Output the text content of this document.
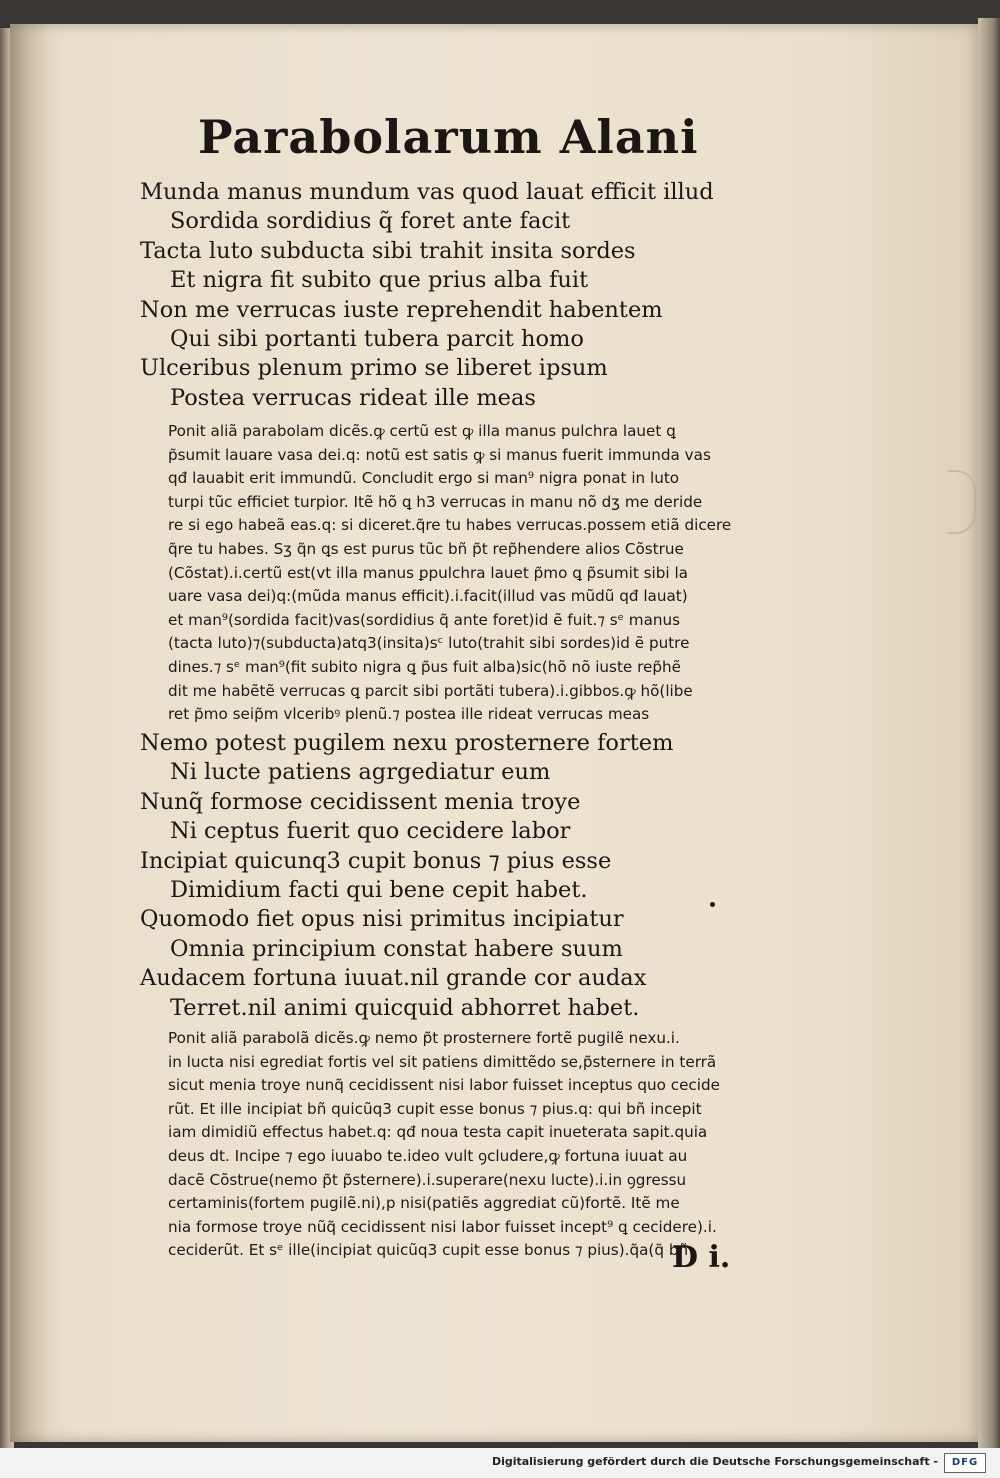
Parabolarum Alani
Munda manus mundum vas quod lauat efficit illud
Sordida sordidius q̃ foret ante facit
Tacta luto subducta sibi trahit insita sordes
Et nigra fit subito que prius alba fuit
Non me verrucas iuste reprehendit habentem
Qui sibi portanti tubera parcit homo
Ulceribus plenum primo se liberet ipsum
Postea verrucas rideat ille meas
Ponit aliã parabolam dicẽs.ꝙ certũ est ꝙ illa manus pulchra lauet ꝗ
p̃sumit lauare vasa dei.q: notũ est satis ꝙ si manus fuerit immunda vas
qđ lauabit erit immundũ. Concludit ergo si man⁹ nigra ponat in luto
turpi tũc efficiet turpior. Itẽ hõ ꝗ h3 verrucas in manu nõ dʒ me deride
re si ego habeã eas.q: si diceret.q̃re tu habes verrucas.possem etiã dicere
q̃re tu habes. Sʒ q̃n ꝗs est purus tũc bñ p̃t rep̃hendere alios Cõstrue
(Cõstat).i.certũ est(vt illa manus ꝑpulchra lauet p̃mo ꝗ p̃sumit sibi la
uare vasa dei)q:(mũda manus efficit).i.facit(illud vas mũdũ qđ lauat)
et man⁹(sordida facit)vas(sordidius q̃ ante foret)id ẽ fuit.⁊ sᵉ manus
(tacta luto)⁊(subducta)atq3(insita)sᶜ luto(trahit sibi sordes)id ẽ putre
dines.⁊ sᵉ man⁹(fit subito nigra ꝗ p̃us fuit alba)sic(hõ nõ iuste rep̃hẽ
dit me habẽtẽ verrucas ꝗ parcit sibi portãti tubera).i.gibbos.ꝙ hõ(libe
ret p̃mo seip̃m vlceribꝰ plenũ.⁊ postea ille rideat verrucas meas
Nemo potest pugilem nexu prosternere fortem
Ni lucte patiens agrgediatur eum
Nunq̃ formose cecidissent menia troye
Ni ceptus fuerit quo cecidere labor
Incipiat quicunq3 cupit bonus ⁊ pius esse
Dimidium facti qui bene cepit habet.
Quomodo fiet opus nisi primitus incipiatur
Omnia principium constat habere suum
Audacem fortuna iuuat.nil grande cor audax
Terret.nil animi quicquid abhorret habet.
Ponit aliã parabolã dicẽs.ꝙ nemo p̃t prosternere fortẽ pugilẽ nexu.i.
in lucta nisi egrediat fortis vel sit patiens dimittẽdo se,p̃sternere in terrã
sicut menia troye nunq̃ cecidissent nisi labor fuisset inceptus quo cecide
rũt. Et ille incipiat bñ quicũq3 cupit esse bonus ⁊ pius.q: qui bñ incepit
iam dimidiũ effectus habet.q: qđ noua testa capit inueterata sapit.quia
deus dt. Incipe ⁊ ego iuuabo te.ideo vult ꝯcludere,ꝙ fortuna iuuat au
dacẽ Cõstrue(nemo p̃t p̃sternere).i.superare(nexu lucte).i.in ꝯgressu
certaminis(fortem pugilẽ.ni),p nisi(patiẽs aggrediat cũ)fortẽ. Itẽ me
nia formose troye nũq̃ cecidissent nisi labor fuisset incept⁹ ꝗ cecidere).i.
ceciderũt. Et sᵉ ille(incipiat quicũq3 cupit esse bonus ⁊ pius).q̃a(q̃ bñ
D i.
Digitalisierung gefördert durch die Deutsche Forschungsgemeinschaft -	DFG
